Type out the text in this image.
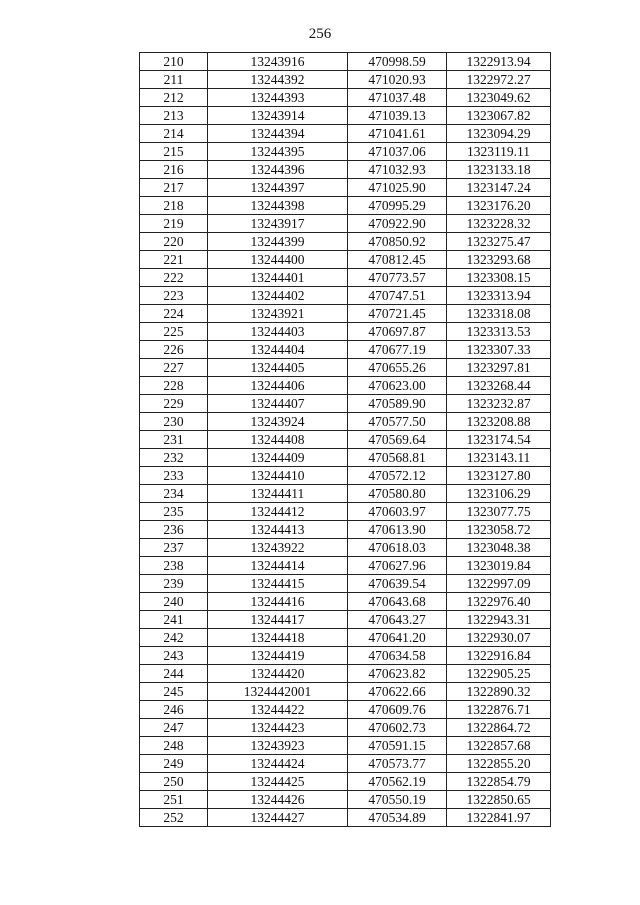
256
210	13243916	470998.59	1322913.94
211	13244392	471020.93	1322972.27
212	13244393	471037.48	1323049.62
213	13243914	471039.13	1323067.82
214	13244394	471041.61	1323094.29
215	13244395	471037.06	1323119.11
216	13244396	471032.93	1323133.18
217	13244397	471025.90	1323147.24
218	13244398	470995.29	1323176.20
219	13243917	470922.90	1323228.32
220	13244399	470850.92	1323275.47
221	13244400	470812.45	1323293.68
222	13244401	470773.57	1323308.15
223	13244402	470747.51	1323313.94
224	13243921	470721.45	1323318.08
225	13244403	470697.87	1323313.53
226	13244404	470677.19	1323307.33
227	13244405	470655.26	1323297.81
228	13244406	470623.00	1323268.44
229	13244407	470589.90	1323232.87
230	13243924	470577.50	1323208.88
231	13244408	470569.64	1323174.54
232	13244409	470568.81	1323143.11
233	13244410	470572.12	1323127.80
234	13244411	470580.80	1323106.29
235	13244412	470603.97	1323077.75
236	13244413	470613.90	1323058.72
237	13243922	470618.03	1323048.38
238	13244414	470627.96	1323019.84
239	13244415	470639.54	1322997.09
240	13244416	470643.68	1322976.40
241	13244417	470643.27	1322943.31
242	13244418	470641.20	1322930.07
243	13244419	470634.58	1322916.84
244	13244420	470623.82	1322905.25
245	1324442001	470622.66	1322890.32
246	13244422	470609.76	1322876.71
247	13244423	470602.73	1322864.72
248	13243923	470591.15	1322857.68
249	13244424	470573.77	1322855.20
250	13244425	470562.19	1322854.79
251	13244426	470550.19	1322850.65
252	13244427	470534.89	1322841.97
